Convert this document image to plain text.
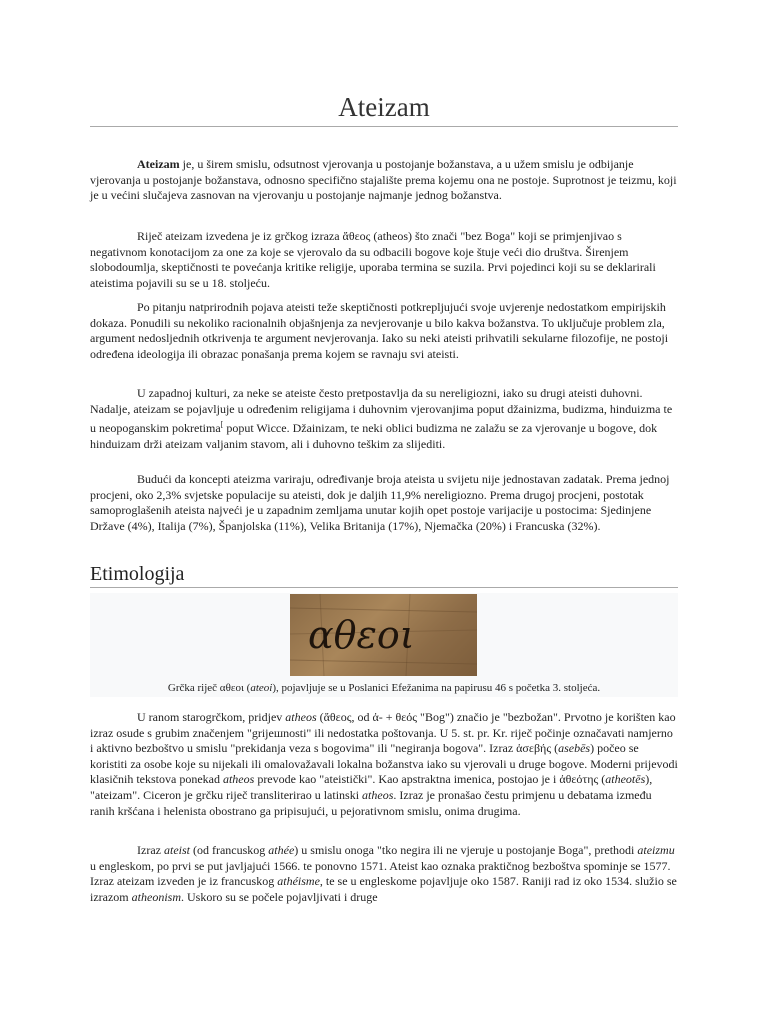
Ateizam
Ateizam je, u širem smislu, odsutnost vjerovanja u postojanje božanstava, a u užem smislu je odbijanje vjerovanja u postojanje božanstava, odnosno specifično stajalište prema kojemu ona ne postoje. Suprotnost je teizmu, koji je u većini slučajeva zasnovan na vjerovanju u postojanje najmanje jednog božanstva.
Riječ ateizam izvedena je iz grčkog izraza ἄθεος (atheos) što znači "bez Boga" koji se primjenjivao s negativnom konotacijom za one za koje se vjerovalo da su odbacili bogove koje štuje veći dio društva. Širenjem slobodoumlja, skeptičnosti te povećanja kritike religije, uporaba termina se suzila. Prvi pojedinci koji su se deklarirali ateistima pojavili su se u 18. stoljeću.
Po pitanju natprirodnih pojava ateisti teže skeptičnosti potkrepljujući svoje uvjerenje nedostatkom empirijskih dokaza. Ponudili su nekoliko racionalnih objašnjenja za nevjerovanje u bilo kakva božanstva. To uključuje problem zla, argument nedosljednih otkrivenja te argument nevjerovanja. Iako su neki ateisti prihvatili sekularne filozofije, ne postoji određena ideologija ili obrazac ponašanja prema kojem se ravnaju svi ateisti.
U zapadnoj kulturi, za neke se ateiste često pretpostavlja da su nereligiozni, iako su drugi ateisti duhovni. Nadalje, ateizam se pojavljuje u određenim religijama i duhovnim vjerovanjima poput džainizma, budizma, hinduizma te u neopoganskim pokretima[ poput Wicce. Džainizam, te neki oblici budizma ne zalažu se za vjerovanje u bogove, dok hinduizam drži ateizam valjanim stavom, ali i duhovno teškim za slijediti.
Budući da koncepti ateizma variraju, određivanje broja ateista u svijetu nije jednostavan zadatak. Prema jednoj procjeni, oko 2,3% svjetske populacije su ateisti, dok je daljih 11,9% nereligiozno. Prema drugoj procjeni, postotak samoproglašenih ateista najveći je u zapadnim zemljama unutar kojih opet postoje varijacije u postocima: Sjedinjene Države (4%), Italija (7%), Španjolska (11%), Velika Britanija (17%), Njemačka (20%) i Francuska (32%).
Etimologija
αθεοι
Grčka riječ αθεοι (ateoi), pojavljuje se u Poslanici Efežanima na papirusu 46 s početka 3. stoljeća.
U ranom starogrčkom, pridjev atheos (ἄθεος, od ἀ- + θεός "Bog") značio je "bezbožan". Prvotno je korišten kao izraz osude s grubim značenjem "grijешnosti" ili nedostatka poštovanja. U 5. st. pr. Kr. riječ počinje označavati namjerno i aktivno bezboštvo u smislu "prekidanja veza s bogovima" ili "negiranja bogova". Izraz ἀσεβής (asebēs) počeo se koristiti za osobe koje su nijekali ili omalovažavali lokalna božanstva iako su vjerovali u druge bogove. Moderni prijevodi klasičnih tekstova ponekad atheos prevode kao "ateistički". Kao apstraktna imenica, postojao je i ἀθεότης (atheotēs), "ateizam". Ciceron je grčku riječ transliterirao u latinski atheos. Izraz je pronašao čestu primjenu u debatama između ranih kršćana i helenista obostrano ga pripisujući, u pejorativnom smislu, onima drugima.
Izraz ateist (od francuskog athée) u smislu onoga "tko negira ili ne vjeruje u postojanje Boga", prethodi ateizmu u engleskom, po prvi se put javljajući 1566. te ponovno 1571. Ateist kao oznaka praktičnog bezboštva spominje se 1577. Izraz ateizam izveden je iz francuskog athéisme, te se u engleskome pojavljuje oko 1587. Raniji rad iz oko 1534. služio se izrazom atheonism. Uskoro su se počele pojavljivati i druge
